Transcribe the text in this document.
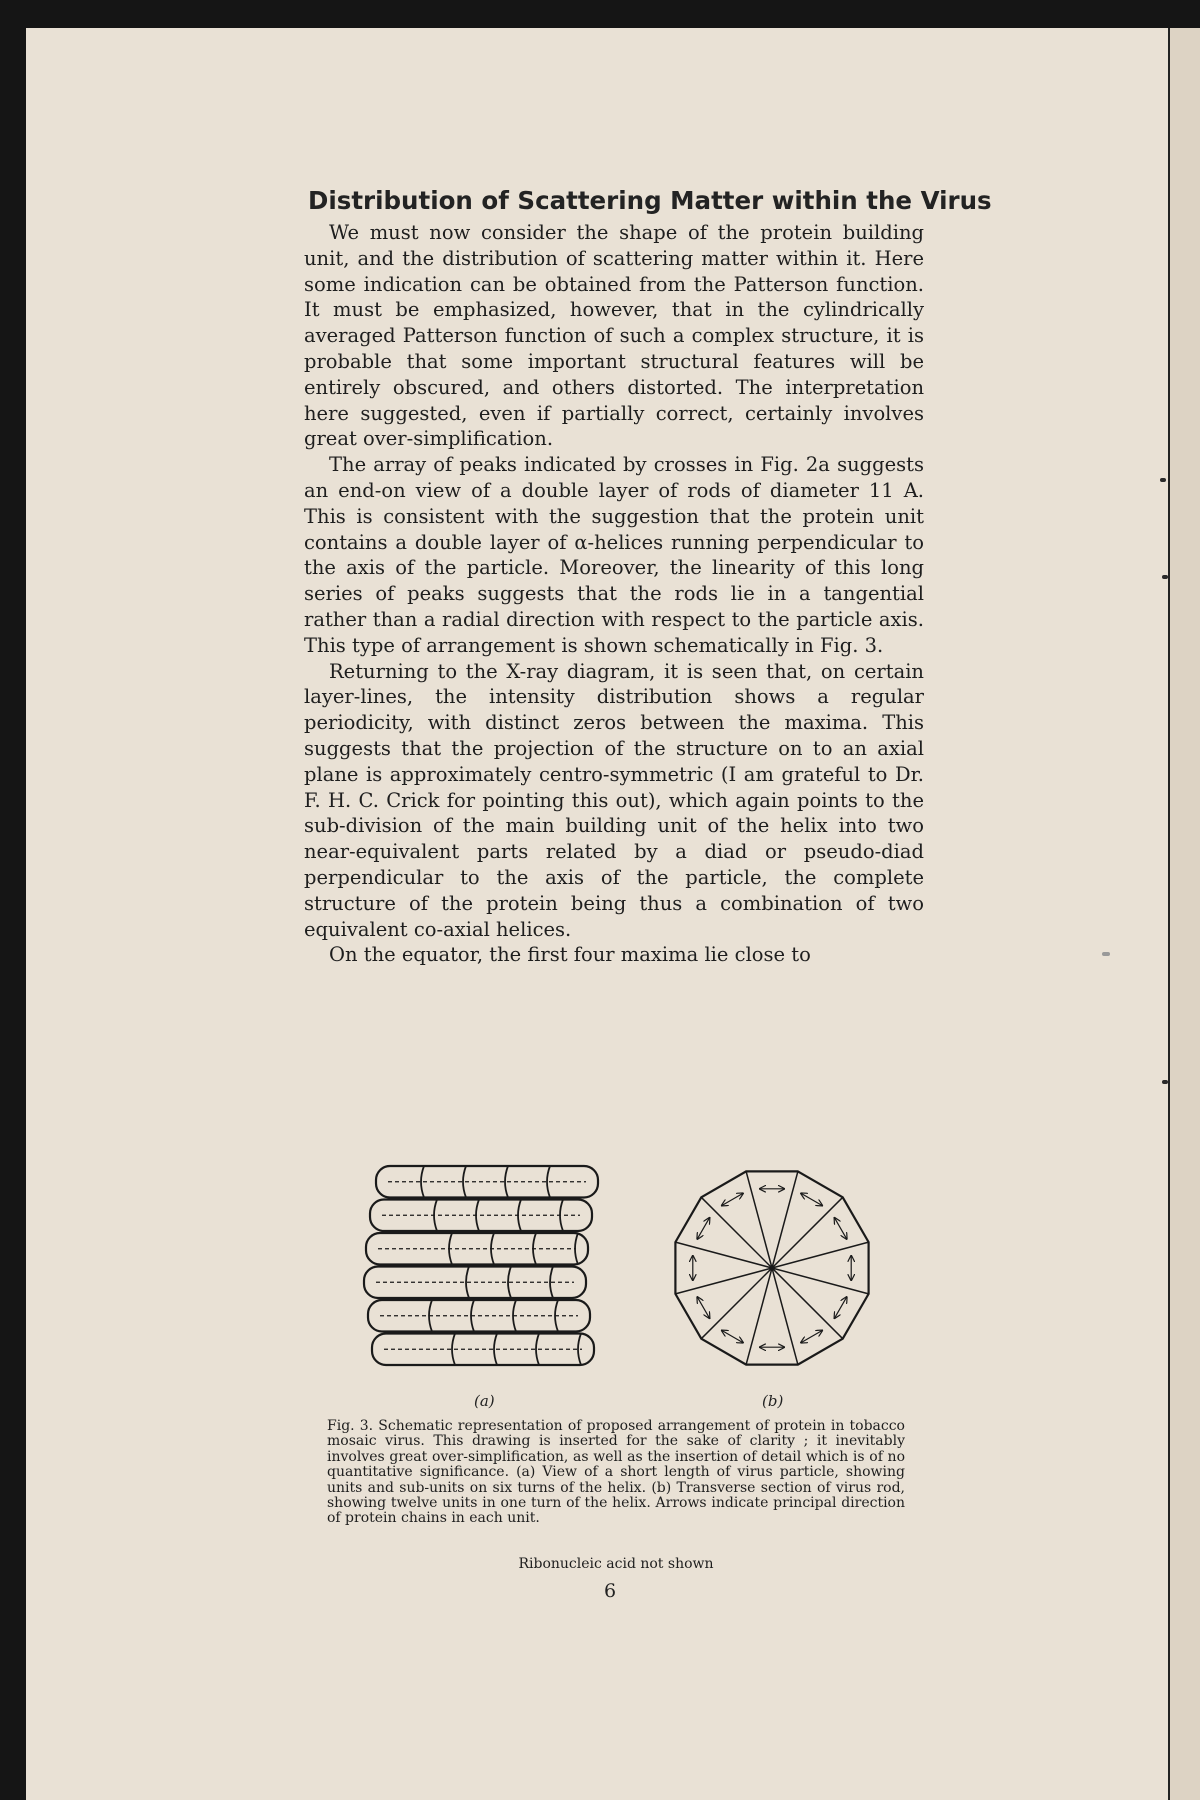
Distribution of Scattering Matter within the Virus

We must now consider the shape of the protein building unit, and the distribution of scattering matter within it. Here some indication can be obtained from the Patterson function. It must be emphasized, however, that in the cylindrically averaged Patterson function of such a complex structure, it is probable that some important structural features will be entirely obscured, and others distorted. The interpretation here suggested, even if partially correct, certainly involves great over-simplification.

The array of peaks indicated by crosses in Fig. 2a suggests an end-on view of a double layer of rods of diameter 11 A. This is consistent with the suggestion that the protein unit contains a double layer of α-helices running perpendicular to the axis of the particle. Moreover, the linearity of this long series of peaks suggests that the rods lie in a tangential rather than a radial direction with respect to the particle axis. This type of arrangement is shown schematically in Fig. 3.

Returning to the X-ray diagram, it is seen that, on certain layer-lines, the intensity distribution shows a regular periodicity, with distinct zeros between the maxima. This suggests that the projection of the structure on to an axial plane is approximately centro-symmetric (I am grateful to Dr. F. H. C. Crick for pointing this out), which again points to the sub-division of the main building unit of the helix into two near-equivalent parts related by a diad or pseudo-diad perpendicular to the axis of the particle, the complete structure of the protein being thus a combination of two equivalent co-axial helices.

On the equator, the first four maxima lie close to

(a)	(b)

Fig. 3. Schematic representation of proposed arrangement of protein in tobacco mosaic virus. This drawing is inserted for the sake of clarity ; it inevitably involves great over-simplification, as well as the insertion of detail which is of no quantitative significance. (a) View of a short length of virus particle, showing units and sub-units on six turns of the helix. (b) Transverse section of virus rod, showing twelve units in one turn of the helix. Arrows indicate principal direction of protein chains in each unit.

Ribonucleic acid not shown

6
